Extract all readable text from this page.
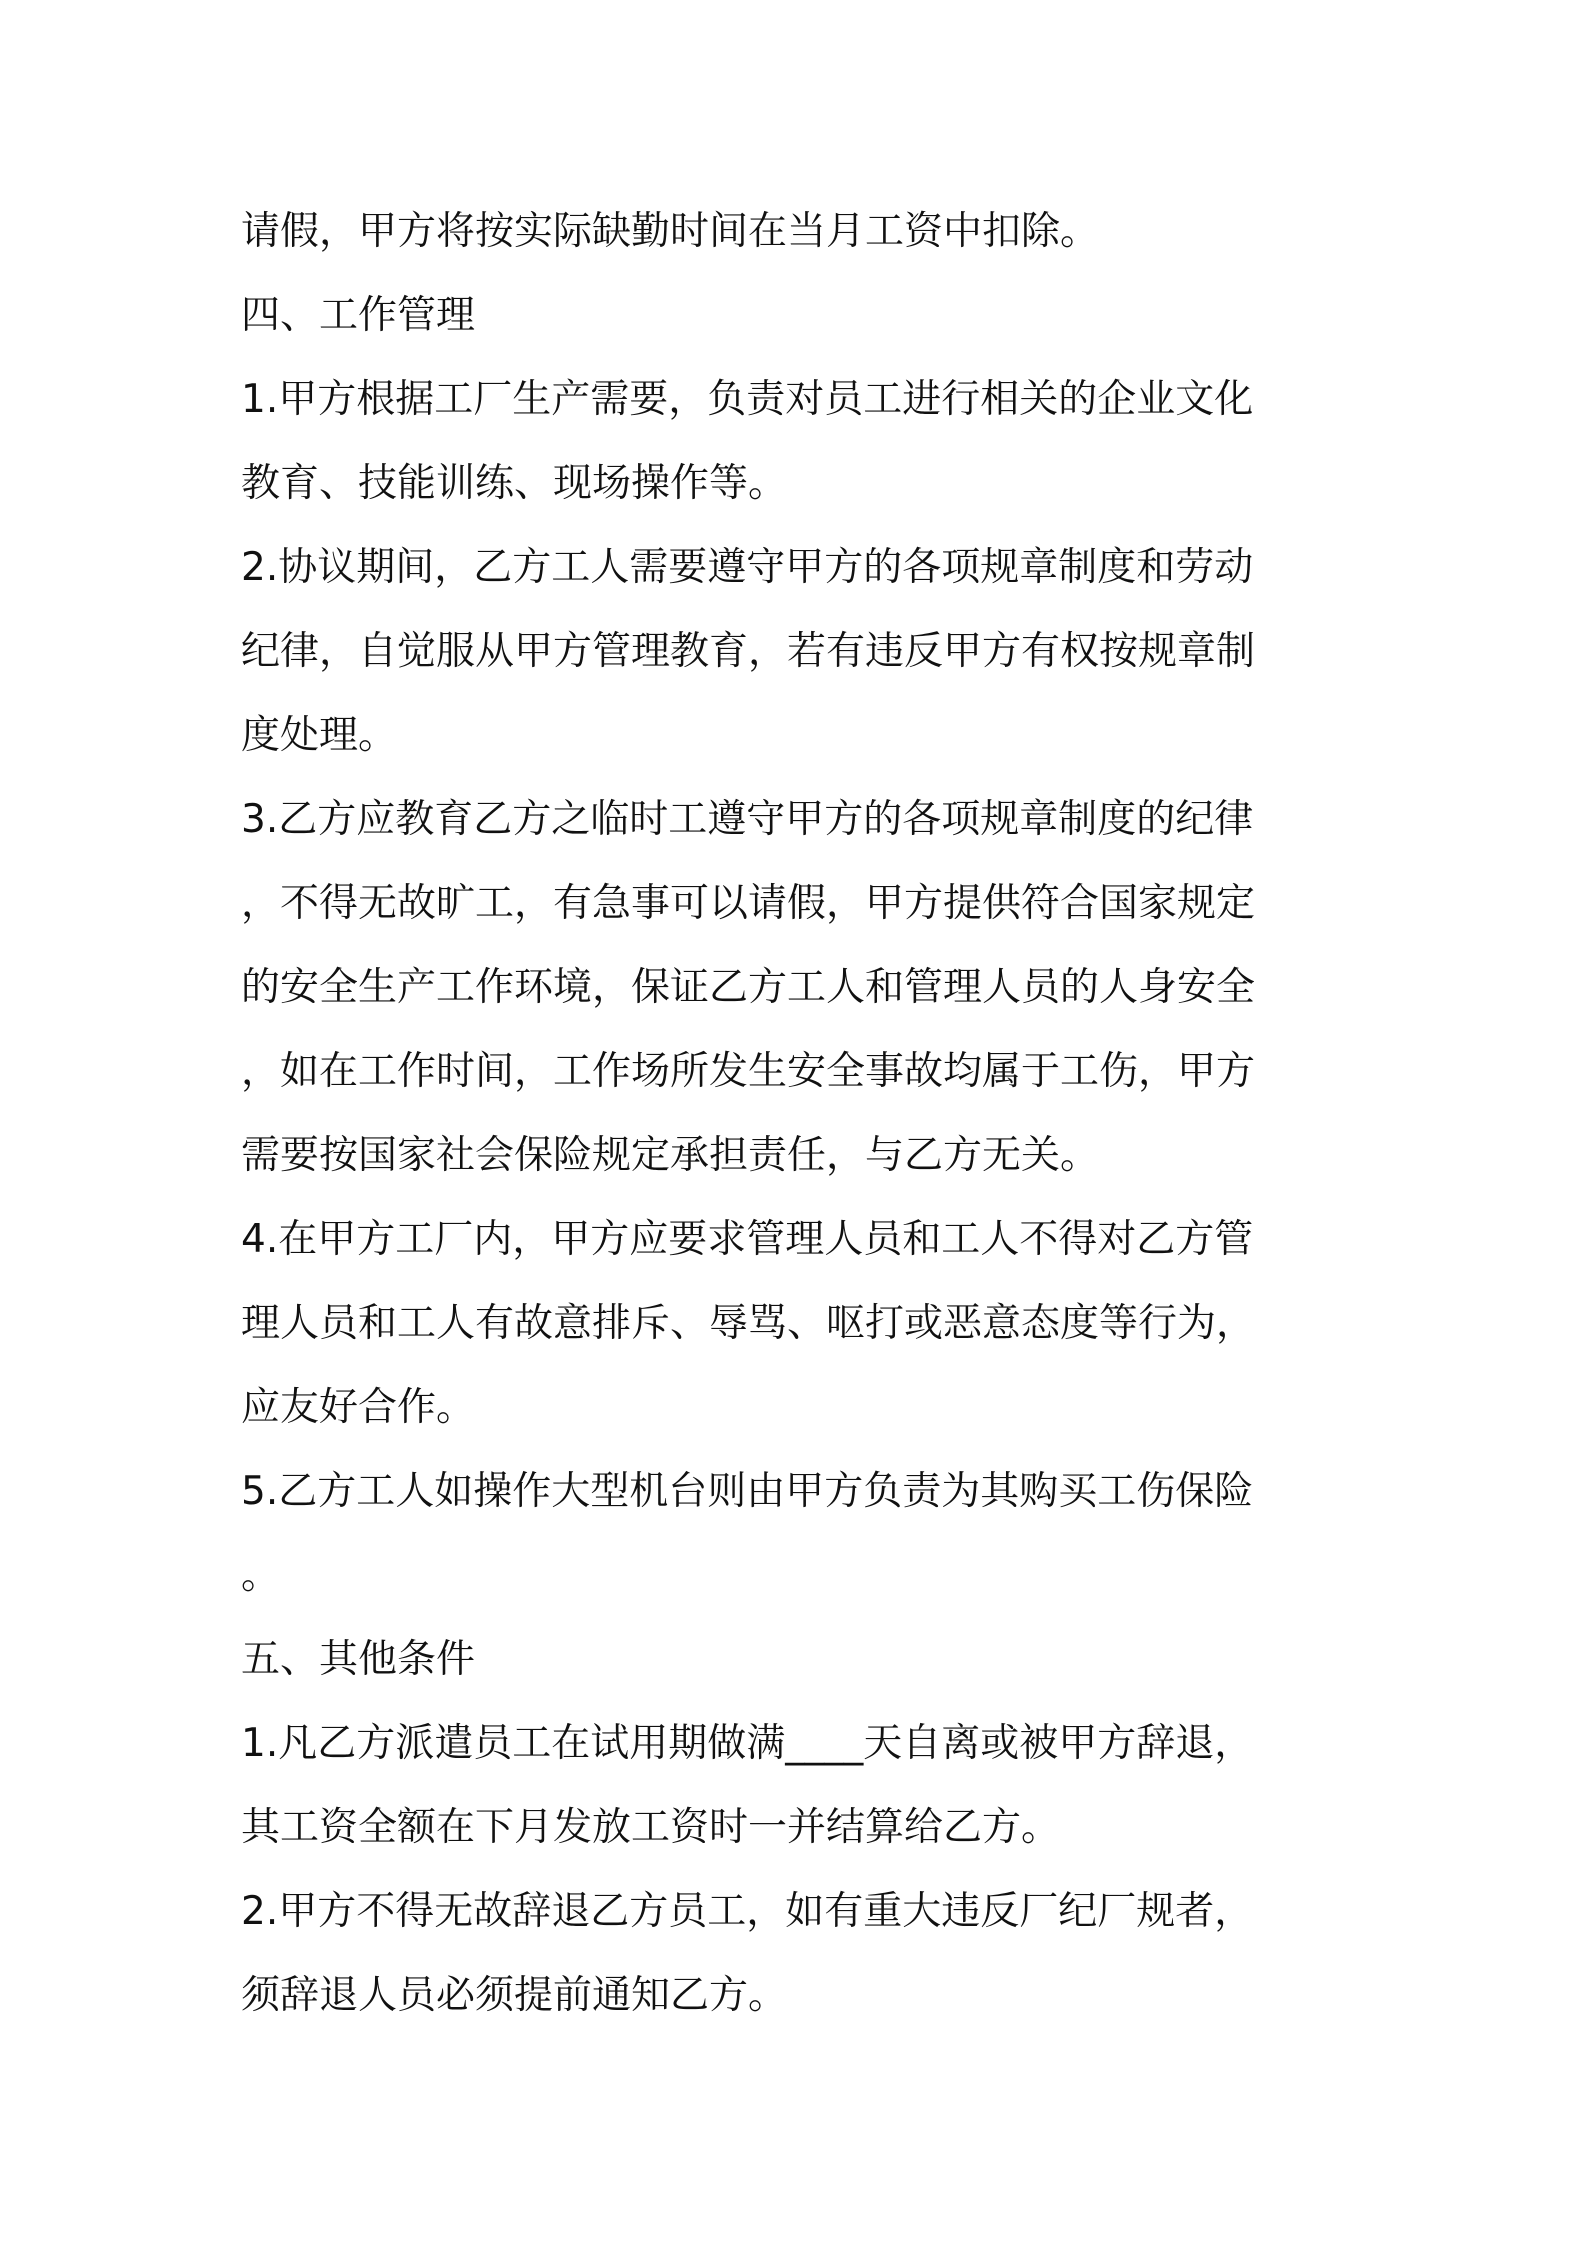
请假，甲方将按实际缺勤时间在当月工资中扣除。
四、工作管理
1.甲方根据工厂生产需要，负责对员工进行相关的企业文化
教育、技能训练、现场操作等。
2.协议期间，乙方工人需要遵守甲方的各项规章制度和劳动
纪律，自觉服从甲方管理教育，若有违反甲方有权按规章制
度处理。
3.乙方应教育乙方之临时工遵守甲方的各项规章制度的纪律
，不得无故旷工，有急事可以请假，甲方提供符合国家规定
的安全生产工作环境，保证乙方工人和管理人员的人身安全
，如在工作时间，工作场所发生安全事故均属于工伤，甲方
需要按国家社会保险规定承担责任，与乙方无关。
4.在甲方工厂内，甲方应要求管理人员和工人不得对乙方管
理人员和工人有故意排斥、辱骂、呕打或恶意态度等行为，
应友好合作。
5.乙方工人如操作大型机台则由甲方负责为其购买工伤保险
。
五、其他条件
1.凡乙方派遣员工在试用期做满____天自离或被甲方辞退，
其工资全额在下月发放工资时一并结算给乙方。
2.甲方不得无故辞退乙方员工，如有重大违反厂纪厂规者，
须辞退人员必须提前通知乙方。
